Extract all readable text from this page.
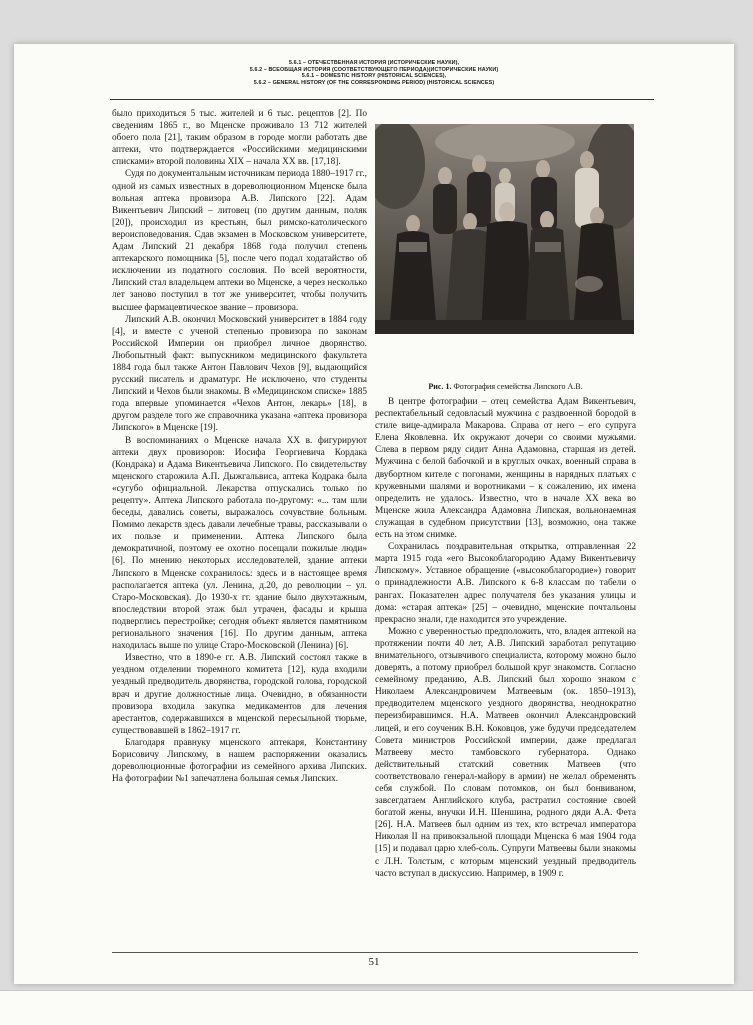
5.6.1 – ОТЕЧЕСТВЕННАЯ ИСТОРИЯ (ИСТОРИЧЕСКИЕ НАУКИ),
5.6.2 – ВСЕОБЩАЯ ИСТОРИЯ (СООТВЕТСТВУЮЩЕГО ПЕРИОДА)(ИСТОРИЧЕСКИЕ НАУКИ)
5.6.1 – DOMESTIC HISTORY (HISTORICAL SCIENCES),
5.6.2 – GENERAL HISTORY (OF THE CORRESPONDING PERIOD) (HISTORICAL SCIENCES)

было приходиться 5 тыс. жителей и 6 тыс. рецептов [2]. По сведениям 1865 г., во Мценске проживало 13 712 жителей обоего пола [21], таким образом в городе могли работать две аптеки, что подтверждается «Российскими медицинскими списками» второй половины XIX – начала XX вв. [17,18].

Судя по документальным источникам периода 1880–1917 гг., одной из самых известных в дореволюционном Мценске была вольная аптека провизора А.В. Липского [22]. Адам Викентьевич Липский – литовец (по другим данным, поляк [20]), происходил из крестьян, был римско-католического вероисповедования. Сдав экзамен в Московском университете, Адам Липский 21 декабря 1868 года получил степень аптекарского помощника [5], после чего подал ходатайство об исключении из податного сословия. По всей вероятности, Липский стал владельцем аптеки во Мценске, а через несколько лет заново поступил в тот же университет, чтобы получить высшее фармацевтическое звание – провизора.

Липский А.В. окончил Московский университет в 1884 году [4], и вместе с ученой степенью провизора по законам Российской Империи он приобрел личное дворянство. Любопытный факт: выпускником медицинского факультета 1884 года был также Антон Павлович Чехов [9], выдающийся русский писатель и драматург. Не исключено, что студенты Липский и Чехов были знакомы. В «Медицинском списке» 1885 года впервые упоминается «Чехов Антон, лекарь» [18], в другом разделе того же справочника указана «аптека провизора Липского» в Мценске [19].

В воспоминаниях о Мценске начала XX в. фигурируют аптеки двух провизоров: Иосифа Георгиевича Кордака (Кондрака) и Адама Викентьевича Липского. По свидетельству мценского старожила А.П. Дыжгальвиса, аптека Кодрака была «сугубо официальной. Лекарства отпускались только по рецепту». Аптека Липского работала по-другому: «... там шли беседы, давались советы, выражалось сочувствие больным. Помимо лекарств здесь давали лечебные травы, рассказывали о их пользе и применении. Аптека Липского была демократичной, поэтому ее охотно посещали пожилые люди» [6]. По мнению некоторых исследователей, здание аптеки Липского в Мценске сохранилось: здесь и в настоящее время располагается аптека (ул. Ленина, д.20, до революции – ул. Старо-Московская). До 1930-х гг. здание было двухэтажным, впоследствии второй этаж был утрачен, фасады и крыша подверглись перестройке; сегодня объект является памятником регионального значения [16]. По другим данным, аптека находилась выше по улице Старо-Московской (Ленина) [6].

Известно, что в 1890-е гг. А.В. Липский состоял также в уездном отделении тюремного комитета [12], куда входили уездный предводитель дворянства, городской голова, городской врач и другие должностные лица. Очевидно, в обязанности провизора входила закупка медикаментов для лечения арестантов, содержавшихся в мценской пересыльной тюрьме, существовавшей в 1862–1917 гг.

Благодаря правнуку мценского аптекаря, Константину Борисовичу Липскому, в нашем распоряжении оказались дореволюционные фотографии из семейного архива Липских. На фотографии №1 запечатлена большая семья Липских.

Рис. 1. Фотография семейства Липского А.В.

В центре фотографии – отец семейства Адам Викентьевич, респектабельный седовласый мужчина с раздвоенной бородой в стиле вице-адмирала Макарова. Справа от него – его супруга Елена Яковлевна. Их окружают дочери со своими мужьями. Слева в первом ряду сидит Анна Адамовна, старшая из детей. Мужчина с белой бабочкой и в круглых очках, военный справа в двубортном кителе с погонами, женщины в нарядных платьях с кружевными шалями и воротниками – к сожалению, их имена определить не удалось. Известно, что в начале XX века во Мценске жила Александра Адамовна Липская, вольнонаемная служащая в судебном присутствии [13], возможно, она также есть на этом снимке.

Сохранилась поздравительная открытка, отправленная 22 марта 1915 года «его Высокоблагородию Адаму Викентьевичу Липскому». Уставное обращение («высокоблагородие») говорит о принадлежности А.В. Липского к 6-8 классам по табели о рангах. Показателен адрес получателя без указания улицы и дома: «старая аптека» [25] – очевидно, мценские почтальоны прекрасно знали, где находится это учреждение.

Можно с уверенностью предположить, что, владея аптекой на протяжении почти 40 лет, А.В. Липский заработал репутацию внимательного, отзывчивого специалиста, которому можно было доверять, а потому приобрел большой круг знакомств. Согласно семейному преданию, А.В. Липский был хорошо знаком с Николаем Александровичем Матвеевым (ок. 1850–1913), предводителем мценского уездного дворянства, неоднократно переизбиравшимся. Н.А. Матвеев окончил Александровский лицей, и его соученик В.Н. Коковцов, уже будучи председателем Совета министров Российской империи, даже предлагал Матвееву место тамбовского губернатора. Однако действительный статский советник Матвеев (что соответствовало генерал-майору в армии) не желал обременять себя службой. По словам потомков, он был бонвиваном, завсегдатаем Английского клуба, растратил состояние своей богатой жены, внучки И.Н. Шеншина, родного дяди А.А. Фета [26]. Н.А. Матвеев был одним из тех, кто встречал императора Николая II на привокзальной площади Мценска 6 мая 1904 года [15] и подавал царю хлеб-соль. Супруги Матвеевы были знакомы с Л.Н. Толстым, с которым мценский уездный предводитель часто вступал в дискуссию. Например, в 1909 г.

51
